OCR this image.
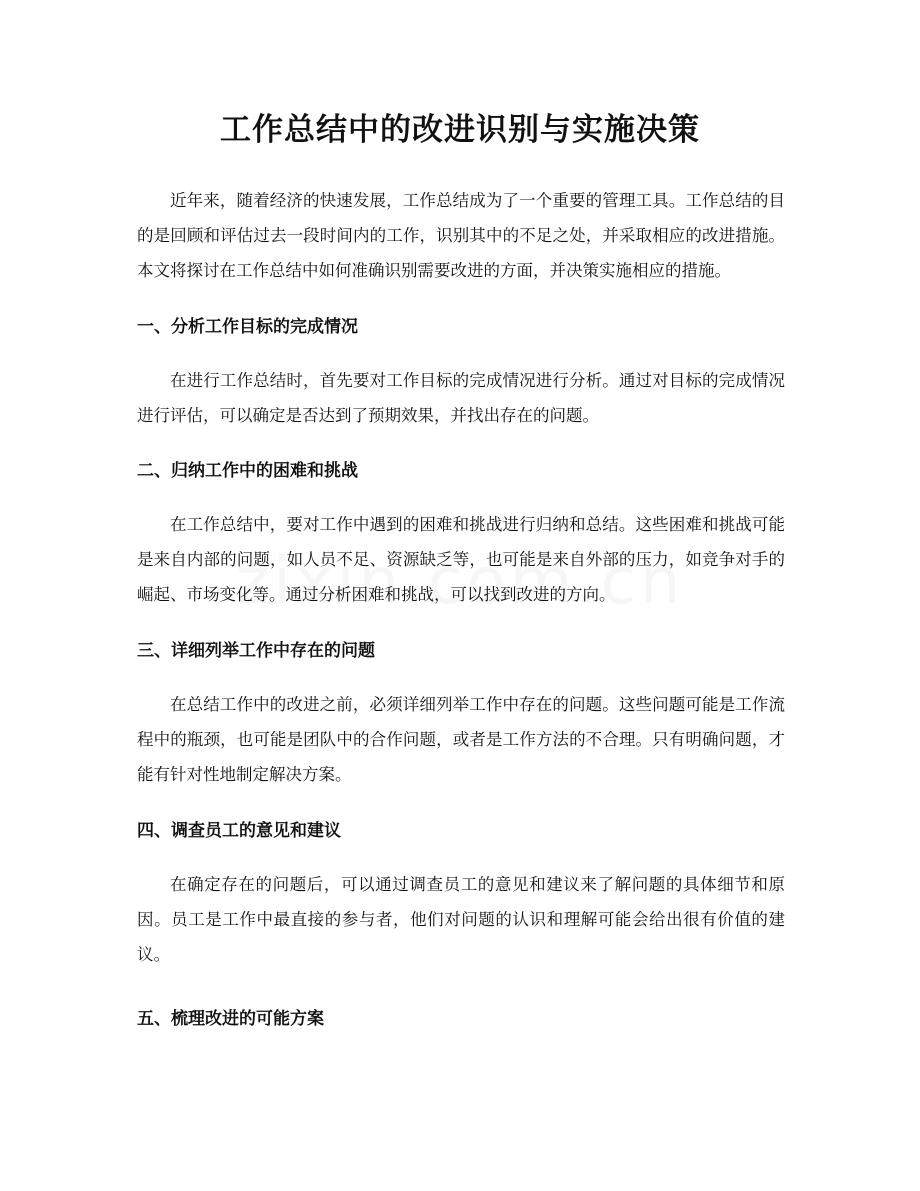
工作总结中的改进识别与实施决策

近年来，随着经济的快速发展，工作总结成为了一个重要的管理工具。工作总结的目的是回顾和评估过去一段时间内的工作，识别其中的不足之处，并采取相应的改进措施。本文将探讨在工作总结中如何准确识别需要改进的方面，并决策实施相应的措施。

一、分析工作目标的完成情况

在进行工作总结时，首先要对工作目标的完成情况进行分析。通过对目标的完成情况进行评估，可以确定是否达到了预期效果，并找出存在的问题。

二、归纳工作中的困难和挑战

在工作总结中，要对工作中遇到的困难和挑战进行归纳和总结。这些困难和挑战可能是来自内部的问题，如人员不足、资源缺乏等，也可能是来自外部的压力，如竞争对手的崛起、市场变化等。通过分析困难和挑战，可以找到改进的方向。

三、详细列举工作中存在的问题

在总结工作中的改进之前，必须详细列举工作中存在的问题。这些问题可能是工作流程中的瓶颈，也可能是团队中的合作问题，或者是工作方法的不合理。只有明确问题，才能有针对性地制定解决方案。

四、调查员工的意见和建议

在确定存在的问题后，可以通过调查员工的意见和建议来了解问题的具体细节和原因。员工是工作中最直接的参与者，他们对问题的认识和理解可能会给出很有价值的建议。

五、梳理改进的可能方案
